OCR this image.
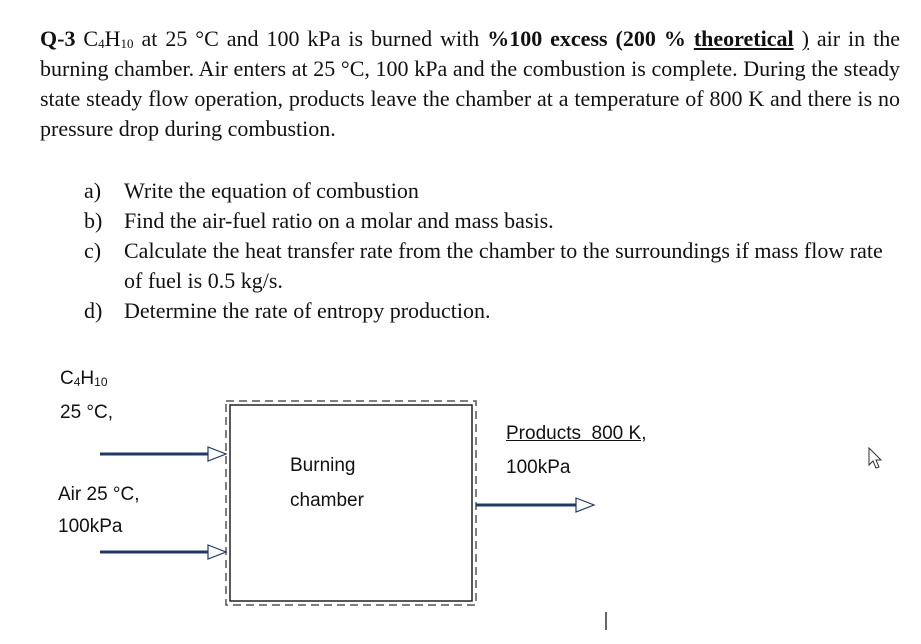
Q-3 $C_4H_{10}$ at 25 °C and 100 kPa is burned with %100 excess (200 % theoretical ) air in the burning chamber. Air enters at 25 °C, 100 kPa and the combustion is complete. During the steady state steady flow operation, products leave the chamber at a temperature of 800 K and there is no pressure drop during combustion.
a)	Write the equation of combustion
b) Find the air-fuel ratio on a molar and mass basis.
c)	Calculate the heat transfer rate from the chamber to the surroundings if mass flow rate of fuel is 0.5 kg/s.
d) Determine the rate of entropy production.
$C_4H_{10}$
25 °C,
Air 25 °C,
100kPa
Burning
chamber
Products  800 K,
100kPa
